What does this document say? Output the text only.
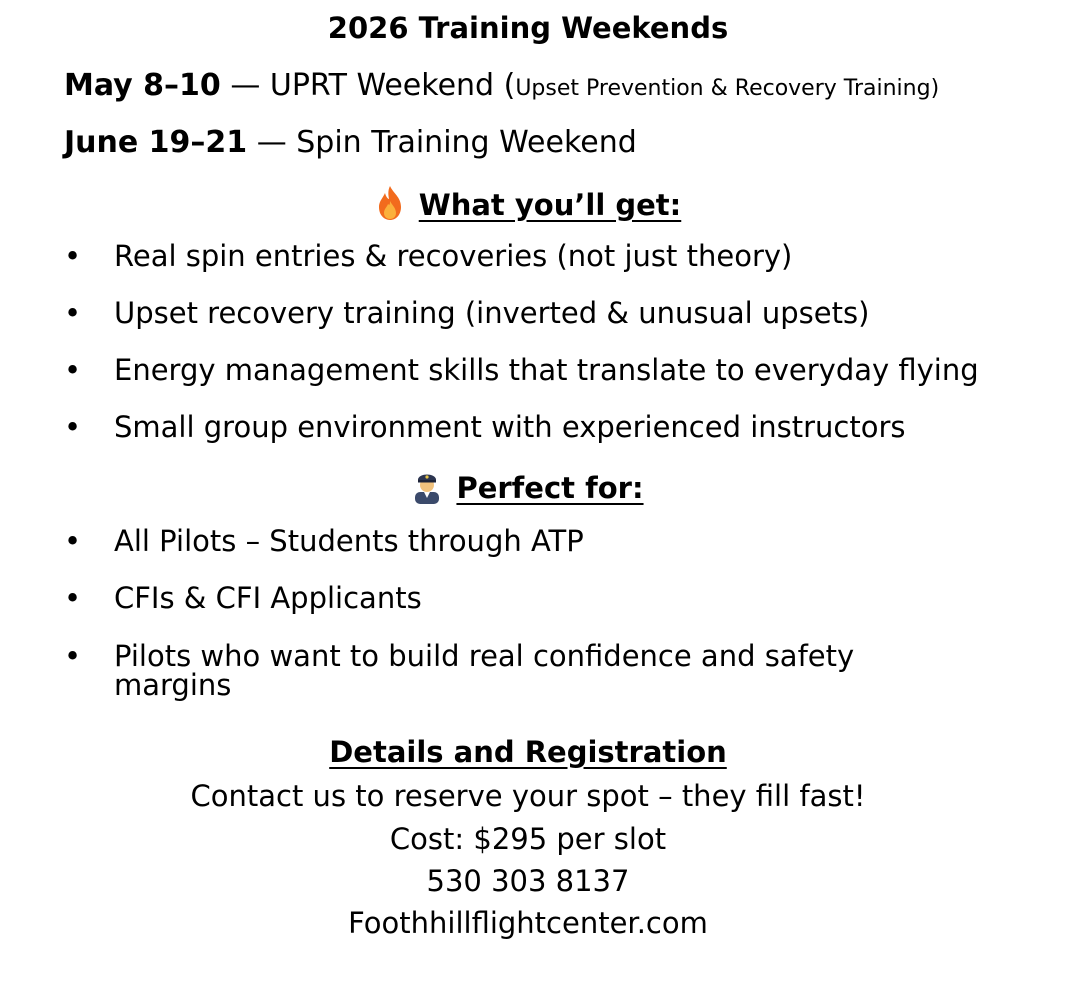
2026 Training Weekends
May 8–10 — UPRT Weekend (Upset Prevention & Recovery Training)
June 19–21 — Spin Training Weekend
What you’ll get:
• Real spin entries & recoveries (not just theory)
• Upset recovery training (inverted & unusual upsets)
• Energy management skills that translate to everyday flying
• Small group environment with experienced instructors
Perfect for:
• All Pilots – Students through ATP
• CFIs & CFI Applicants
• Pilots who want to build real confidence and safety margins
Details and Registration
Contact us to reserve your spot – they fill fast!
Cost: $295 per slot
530 303 8137
Foothhillflightcenter.com
